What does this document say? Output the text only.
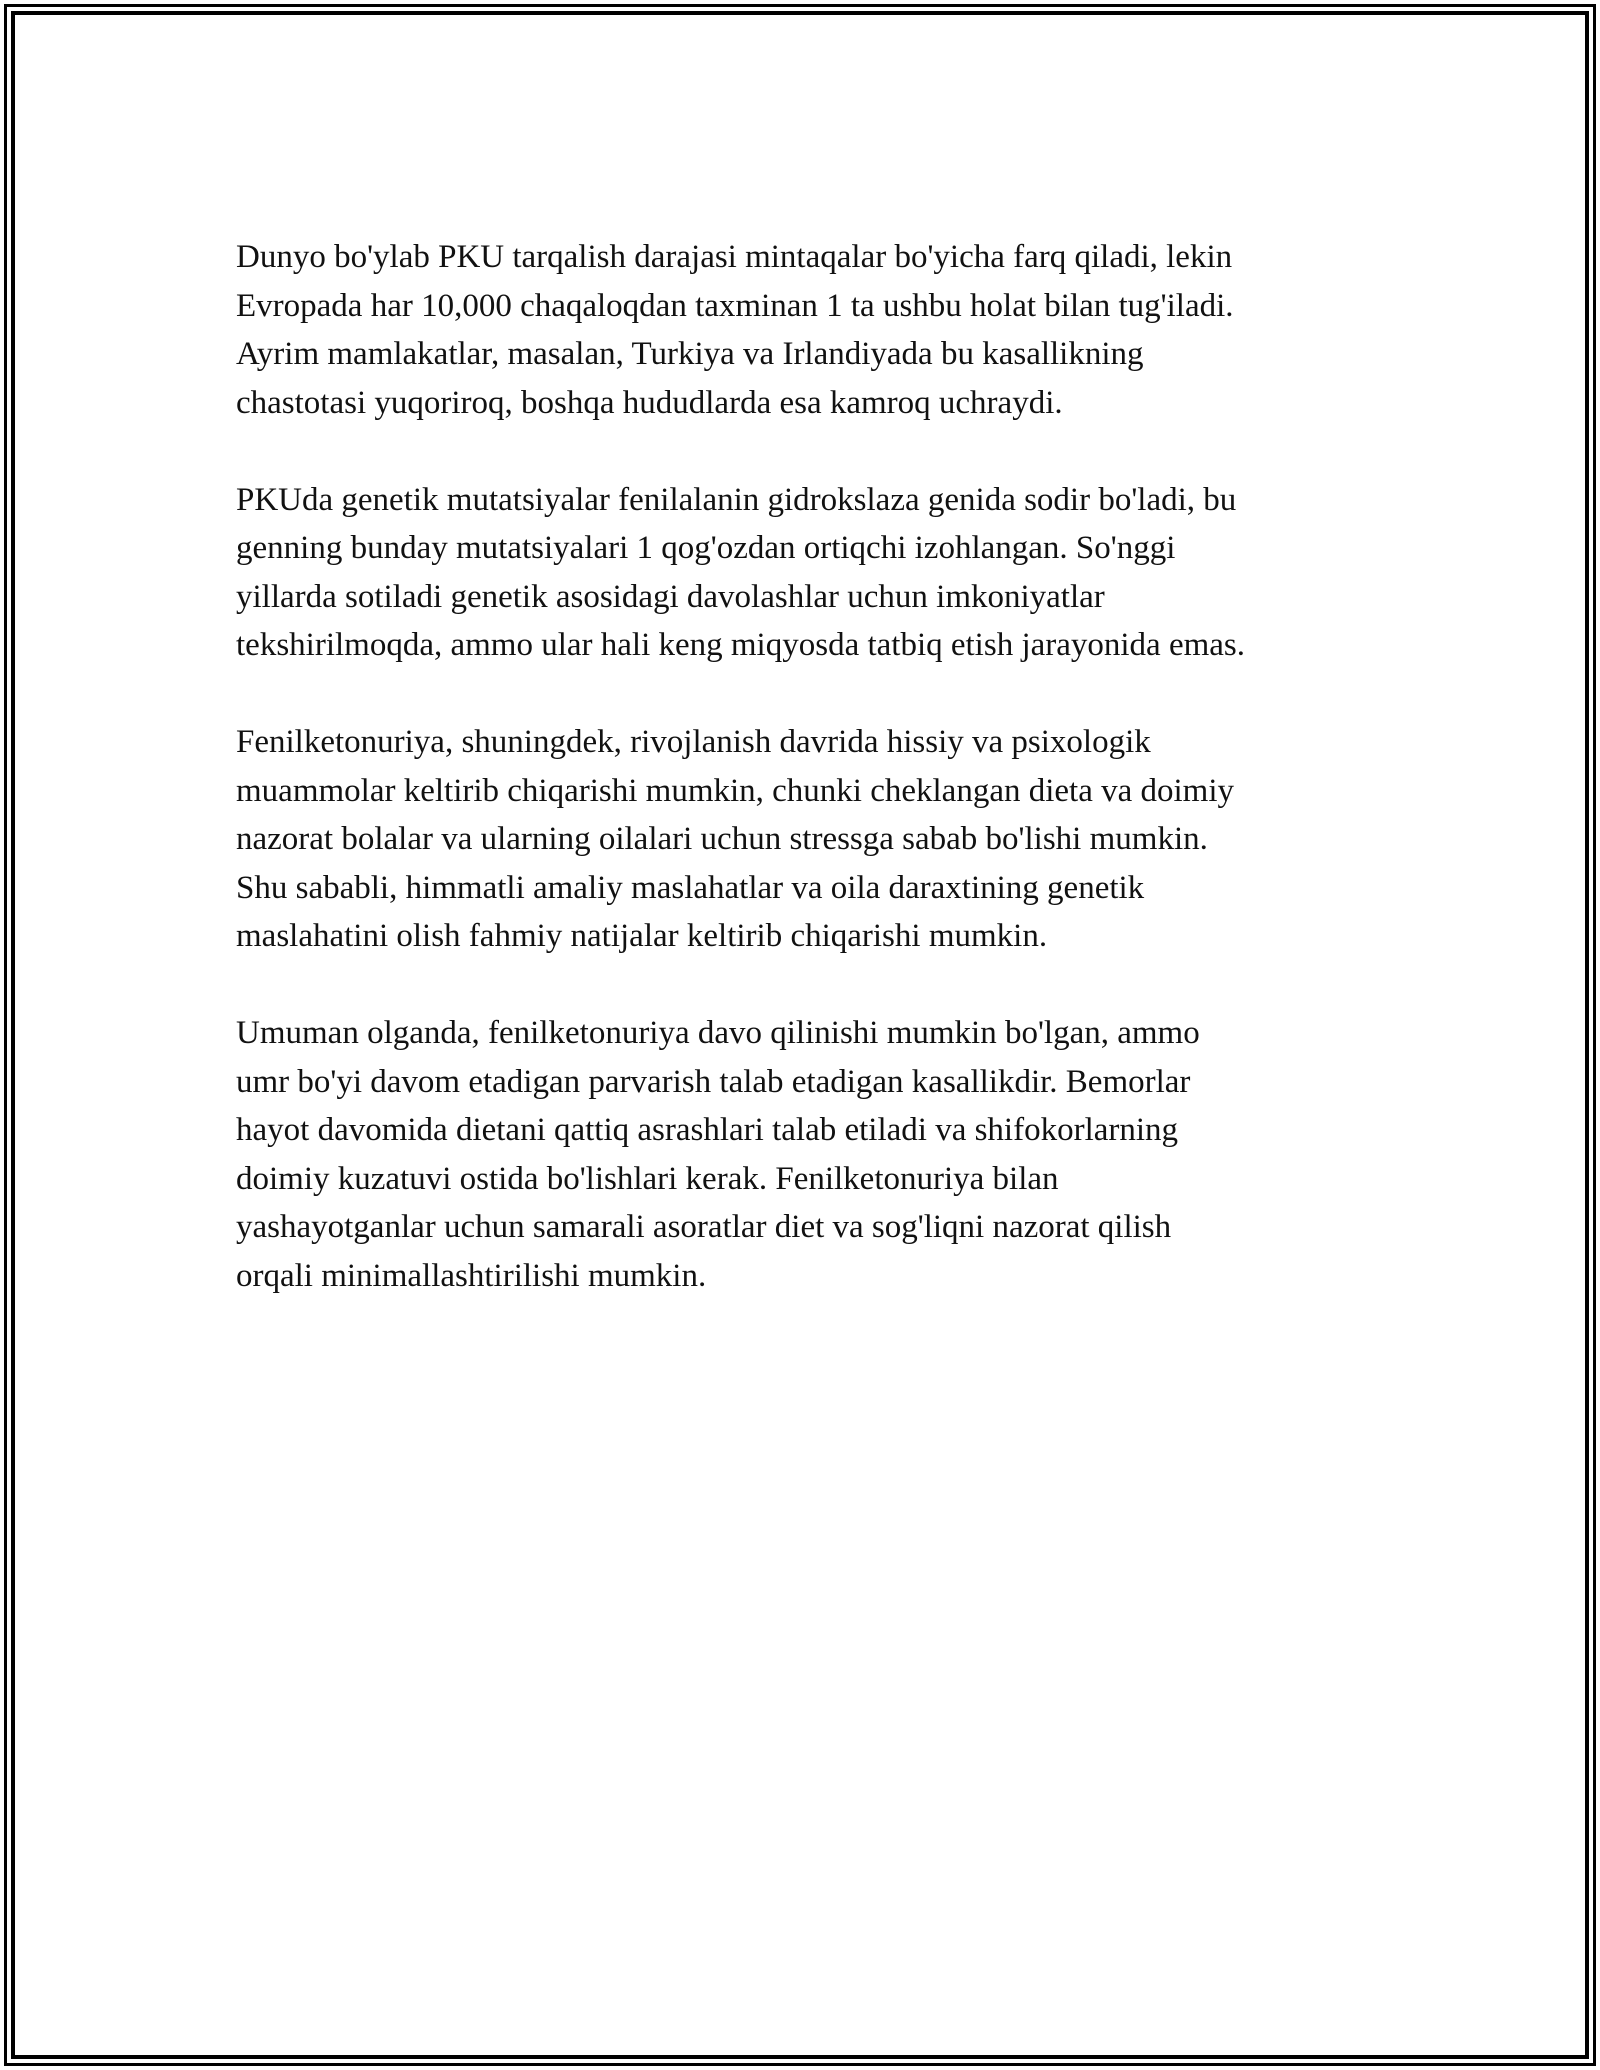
Dunyo bo'ylab PKU tarqalish darajasi mintaqalar bo'yicha farq qiladi, lekin
Evropada har 10,000 chaqaloqdan taxminan 1 ta ushbu holat bilan tug'iladi.
Ayrim mamlakatlar, masalan, Turkiya va Irlandiyada bu kasallikning
chastotasi yuqoriroq, boshqa hududlarda esa kamroq uchraydi.

PKUda genetik mutatsiyalar fenilalanin gidrokslaza genida sodir bo'ladi, bu
genning bunday mutatsiyalari 1 qog'ozdan ortiqchi izohlangan. So'nggi
yillarda sotiladi genetik asosidagi davolashlar uchun imkoniyatlar
tekshirilmoqda, ammo ular hali keng miqyosda tatbiq etish jarayonida emas.

Fenilketonuriya, shuningdek, rivojlanish davrida hissiy va psixologik
muammolar keltirib chiqarishi mumkin, chunki cheklangan dieta va doimiy
nazorat bolalar va ularning oilalari uchun stressga sabab bo'lishi mumkin.
Shu sababli, himmatli amaliy maslahatlar va oila daraxtining genetik
maslahatini olish fahmiy natijalar keltirib chiqarishi mumkin.

Umuman olganda, fenilketonuriya davo qilinishi mumkin bo'lgan, ammo
umr bo'yi davom etadigan parvarish talab etadigan kasallikdir. Bemorlar
hayot davomida dietani qattiq asrashlari talab etiladi va shifokorlarning
doimiy kuzatuvi ostida bo'lishlari kerak. Fenilketonuriya bilan
yashayotganlar uchun samarali asoratlar diet va sog'liqni nazorat qilish
orqali minimallashtirilishi mumkin.
